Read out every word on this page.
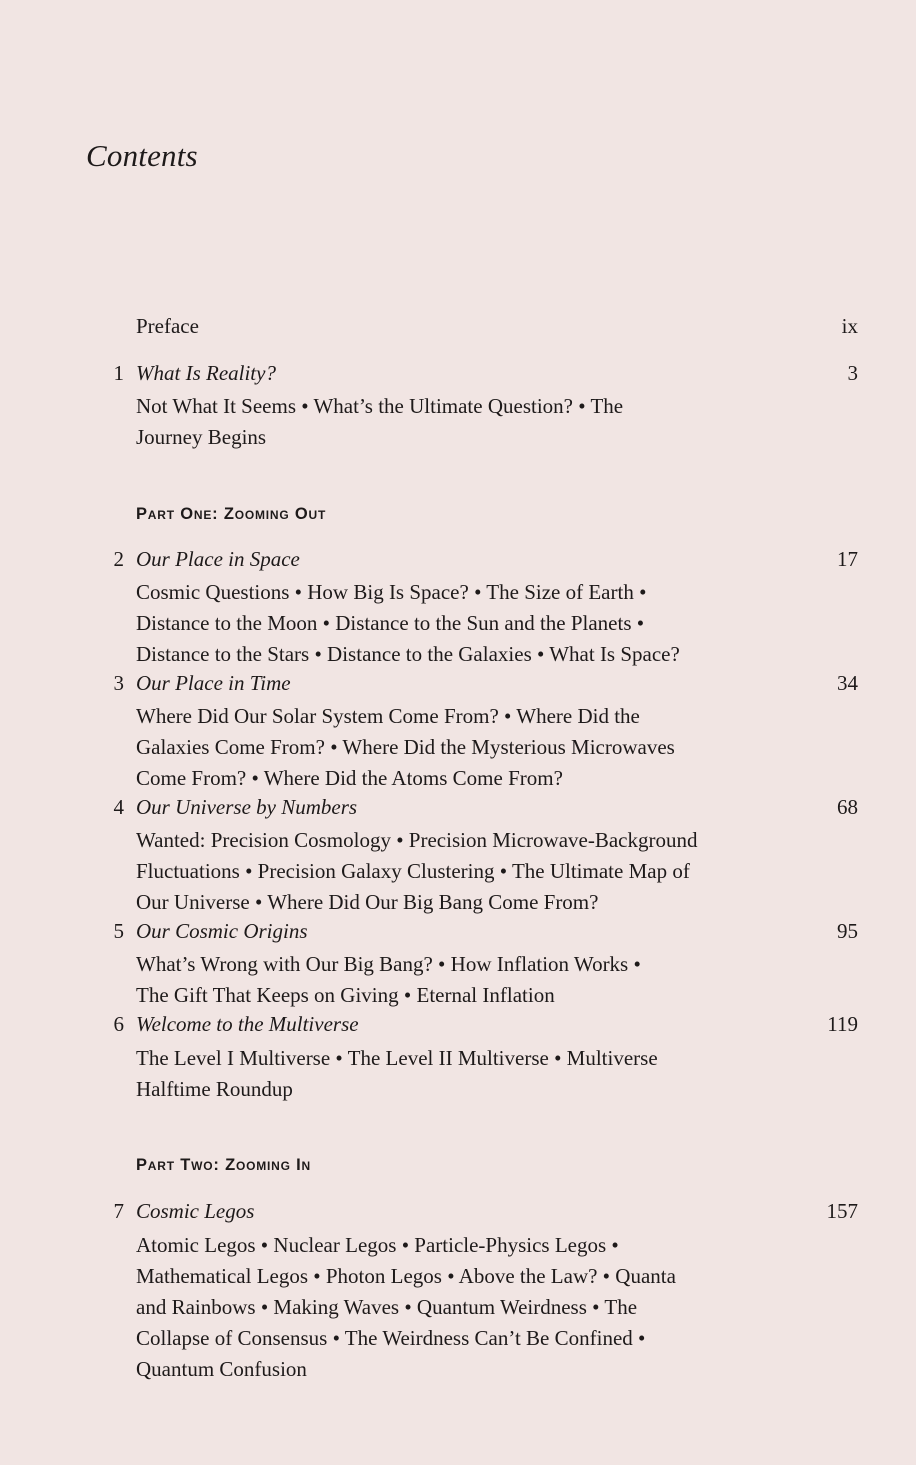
Contents
Preface	ix
1 What Is Reality?	3
Not What It Seems • What’s the Ultimate Question? • The
Journey Begins
Part One: Zooming Out
2 Our Place in Space	17
Cosmic Questions • How Big Is Space? • The Size of Earth •
Distance to the Moon • Distance to the Sun and the Planets •
Distance to the Stars • Distance to the Galaxies • What Is Space?
3 Our Place in Time	34
Where Did Our Solar System Come From? • Where Did the
Galaxies Come From? • Where Did the Mysterious Microwaves
Come From? • Where Did the Atoms Come From?
4 Our Universe by Numbers	68
Wanted: Precision Cosmology • Precision Microwave-Background
Fluctuations • Precision Galaxy Clustering • The Ultimate Map of
Our Universe • Where Did Our Big Bang Come From?
5 Our Cosmic Origins	95
What’s Wrong with Our Big Bang? • How Inflation Works •
The Gift That Keeps on Giving • Eternal Inflation
6 Welcome to the Multiverse	119
The Level I Multiverse • The Level II Multiverse • Multiverse
Halftime Roundup
Part Two: Zooming In
7 Cosmic Legos	157
Atomic Legos • Nuclear Legos • Particle-Physics Legos •
Mathematical Legos • Photon Legos • Above the Law? • Quanta
and Rainbows • Making Waves • Quantum Weirdness • The
Collapse of Consensus • The Weirdness Can’t Be Confined •
Quantum Confusion
